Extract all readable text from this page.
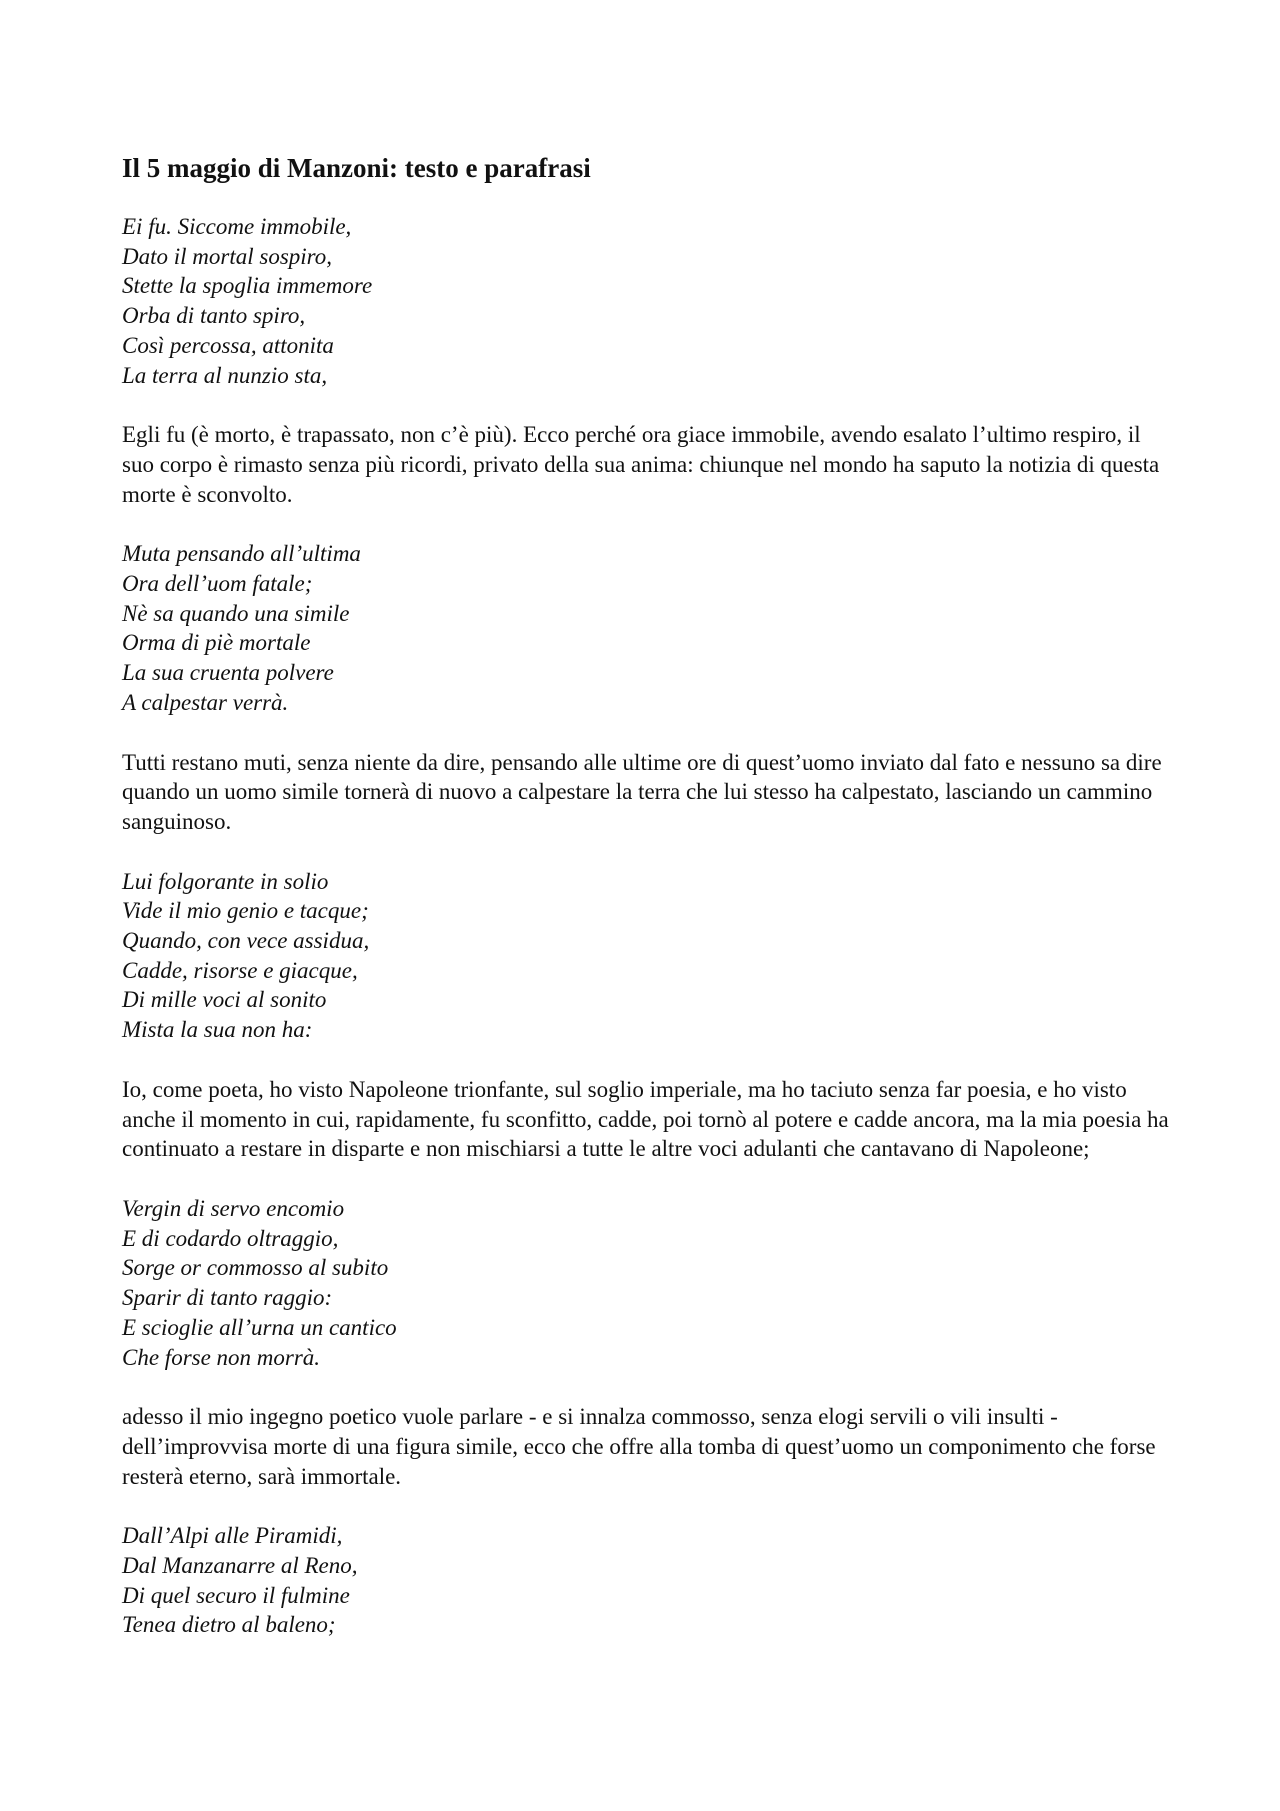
Il 5 maggio di Manzoni: testo e parafrasi
Ei fu. Siccome immobile,
Dato il mortal sospiro,
Stette la spoglia immemore
Orba di tanto spiro,
Così percossa, attonita
La terra al nunzio sta,

Egli fu (è morto, è trapassato, non c’è più). Ecco perché ora giace immobile, avendo esalato l’ultimo respiro, il suo corpo è rimasto senza più ricordi, privato della sua anima: chiunque nel mondo ha saputo la notizia di questa morte è sconvolto.

Muta pensando all’ultima
Ora dell’uom fatale;
Nè sa quando una simile
Orma di piè mortale
La sua cruenta polvere
A calpestar verrà.

Tutti restano muti, senza niente da dire, pensando alle ultime ore di quest’uomo inviato dal fato e nessuno sa dire quando un uomo simile tornerà di nuovo a calpestare la terra che lui stesso ha calpestato, lasciando un cammino sanguinoso.

Lui folgorante in solio
Vide il mio genio e tacque;
Quando, con vece assidua,
Cadde, risorse e giacque,
Di mille voci al sonito
Mista la sua non ha:

Io, come poeta, ho visto Napoleone trionfante, sul soglio imperiale, ma ho taciuto senza far poesia, e ho visto anche il momento in cui, rapidamente, fu sconfitto, cadde, poi tornò al potere e cadde ancora, ma la mia poesia ha continuato a restare in disparte e non mischiarsi a tutte le altre voci adulanti che cantavano di Napoleone;

Vergin di servo encomio
E di codardo oltraggio,
Sorge or commosso al subito
Sparir di tanto raggio:
E scioglie all’urna un cantico
Che forse non morrà.

adesso il mio ingegno poetico vuole parlare - e si innalza commosso, senza elogi servili o vili insulti - dell’improvvisa morte di una figura simile, ecco che offre alla tomba di quest’uomo un componimento che forse resterà eterno, sarà immortale.

Dall’Alpi alle Piramidi,
Dal Manzanarre al Reno,
Di quel securo il fulmine
Tenea dietro al baleno;
